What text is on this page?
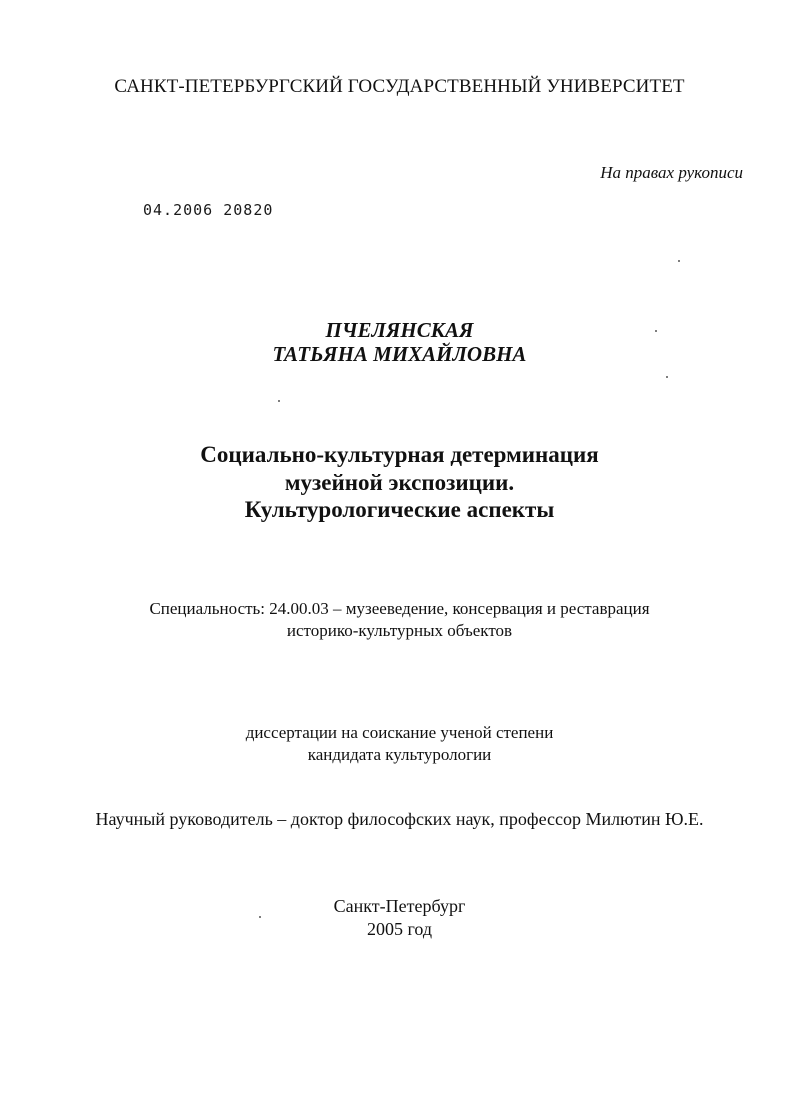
САНКТ-ПЕТЕРБУРГСКИЙ ГОСУДАРСТВЕННЫЙ УНИВЕРСИТЕТ
На правах рукописи
04.2006 20820
ПЧЕЛЯНСКАЯ
ТАТЬЯНА МИХАЙЛОВНА
Социально-культурная детерминация
музейной экспозиции.
Культурологические аспекты
Специальность: 24.00.03 – музееведение, консервация и реставрация
историко-культурных объектов
диссертации на соискание ученой степени
кандидата культурологии
Научный руководитель – доктор философских наук, профессор Милютин Ю.Е.
Санкт-Петербург
2005 год
